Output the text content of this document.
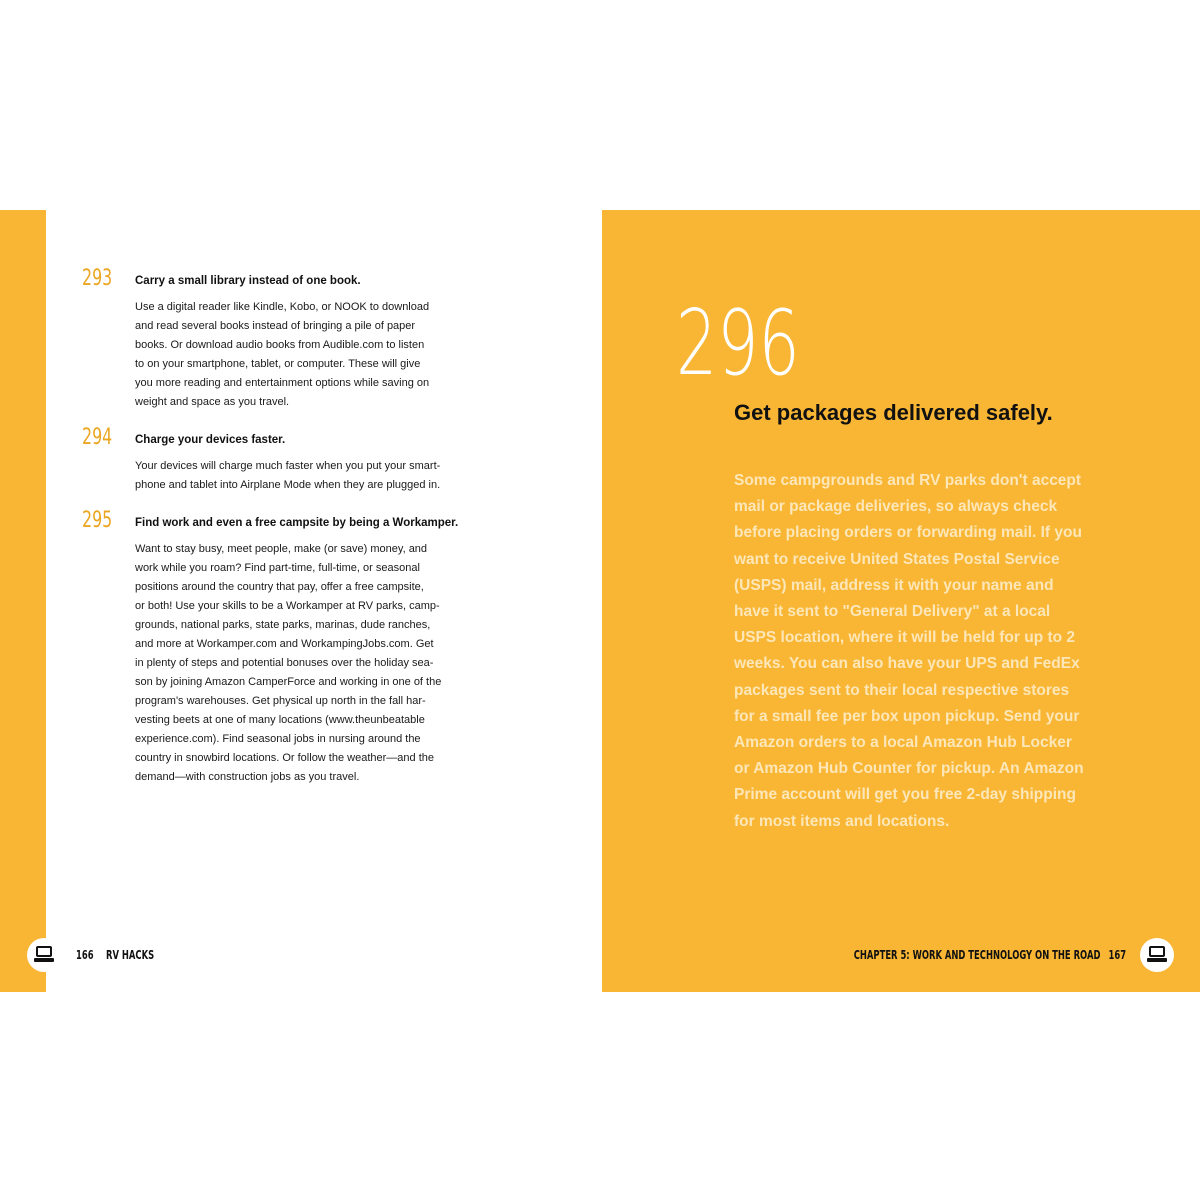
293 Carry a small library instead of one book.
Use a digital reader like Kindle, Kobo, or NOOK to download
and read several books instead of bringing a pile of paper
books. Or download audio books from Audible.com to listen
to on your smartphone, tablet, or computer. These will give
you more reading and entertainment options while saving on
weight and space as you travel.
294 Charge your devices faster.
Your devices will charge much faster when you put your smart-
phone and tablet into Airplane Mode when they are plugged in.
295 Find work and even a free campsite by being a Workamper.
Want to stay busy, meet people, make (or save) money, and
work while you roam? Find part-time, full-time, or seasonal
positions around the country that pay, offer a free campsite,
or both! Use your skills to be a Workamper at RV parks, camp-
grounds, national parks, state parks, marinas, dude ranches,
and more at Workamper.com and WorkampingJobs.com. Get
in plenty of steps and potential bonuses over the holiday sea-
son by joining Amazon CamperForce and working in one of the
program's warehouses. Get physical up north in the fall har-
vesting beets at one of many locations (www.theunbeatable
experience.com). Find seasonal jobs in nursing around the
country in snowbird locations. Or follow the weather—and the
demand—with construction jobs as you travel.
166 RV HACKS
296
Get packages delivered safely.
Some campgrounds and RV parks don't accept
mail or package deliveries, so always check
before placing orders or forwarding mail. If you
want to receive United States Postal Service
(USPS) mail, address it with your name and
have it sent to "General Delivery" at a local
USPS location, where it will be held for up to 2
weeks. You can also have your UPS and FedEx
packages sent to their local respective stores
for a small fee per box upon pickup. Send your
Amazon orders to a local Amazon Hub Locker
or Amazon Hub Counter for pickup. An Amazon
Prime account will get you free 2-day shipping
for most items and locations.
CHAPTER 5: WORK AND TECHNOLOGY ON THE ROAD 167
